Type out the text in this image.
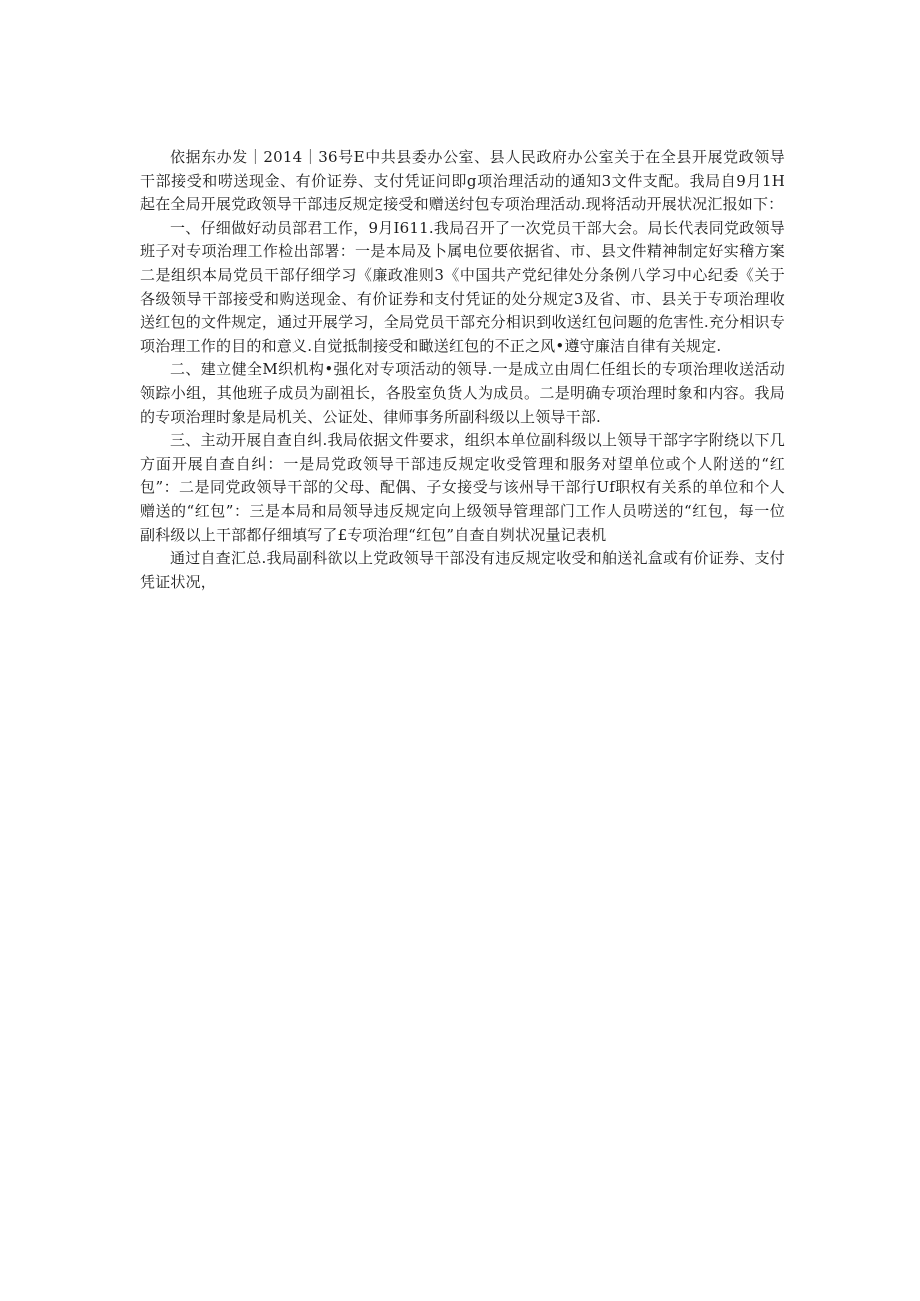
依据东办发｜2014｜36号E中共县委办公室、县人民政府办公室关于在全县开展党政领导干部接受和唠送现金、有价证券、支付凭证问即g项治理活动的通知3文件支配。我局自9月1H起在全局开展党政领导干部违反规定接受和赠送纣包专项治理活动.现将活动开展状况汇报如下：

一、仔细做好动员部君工作，9月I611.我局召开了一次党员干部大会。局长代表同党政领导班子对专项治理工作检出部署：一是本局及卜属电位要依据省、市、县文件精神制定好实稽方案 二是组织本局党员干部仔细学习《廉政准则3《中国共产党纪律处分条例八学习中心纪委《关于各级领导干部接受和购送现金、有价证券和支付凭证的处分规定3及省、市、县关于专项治理收送红包的文件规定，通过开展学习，全局党员干部充分相识到收送红包问题的危害性.充分相识专项治理工作的目的和意义.自觉抵制接受和瞰送红包的不正之风•遵守廉洁自律有关规定.

二、建立健全M织机构•强化对专项活动的领导.一是成立由周仁任组长的专项治理收送活动领踪小组，其他班子成员为副祖长，各股室负货人为成员。二是明确专项治理时象和内容。我局的专项治理时象是局机关、公证处、律师事务所副科级以上领导干部.

三、主动开展自查自纠.我局依据文件要求，组织本单位副科级以上领导干部字字附绕以下几方面开展自查自纠：一是局党政领导干部违反规定收受管理和服务对望单位或个人附送的“红包”：二是同党政领导干部的父母、配偶、子女接受与该州导干部行Uf职权有关系的单位和个人赠送的“红包”：三是本局和局领导违反规定向上级领导管理部门工作人员唠送的“红包，每一位副科级以上干部都仔细填写了£专项治理“红包”自查自刿状况量记表机

通过自查汇总.我局副科欲以上党政领导干部没有违反规定收受和舶送礼盒或有价证券、支付凭证状况，
